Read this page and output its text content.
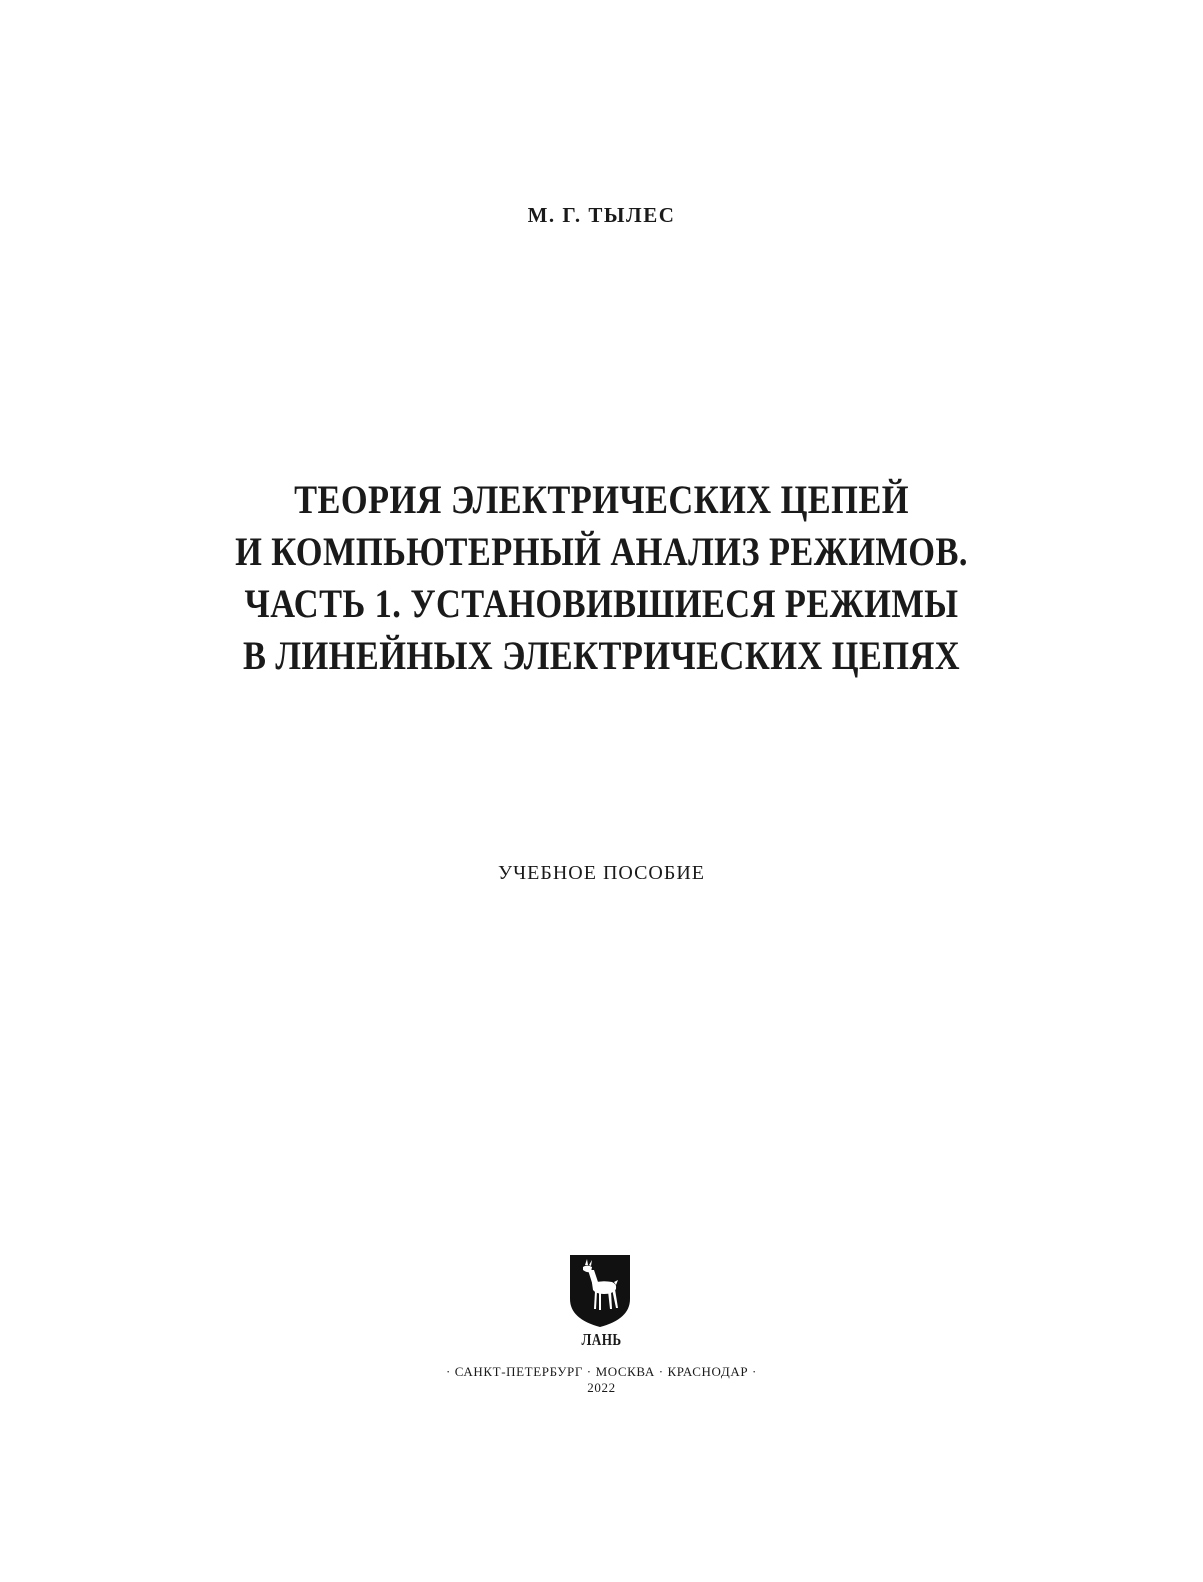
М. Г. ТЫЛЕС
ТЕОРИЯ ЭЛЕКТРИЧЕСКИХ ЦЕПЕЙ
И КОМПЬЮТЕРНЫЙ АНАЛИЗ РЕЖИМОВ.
ЧАСТЬ 1. УСТАНОВИВШИЕСЯ РЕЖИМЫ
В ЛИНЕЙНЫХ ЭЛЕКТРИЧЕСКИХ ЦЕПЯХ
УЧЕБНОЕ ПОСОБИЕ
ЛАНЬ
· САНКТ-ПЕТЕРБУРГ · МОСКВА · КРАСНОДАР ·
2022
